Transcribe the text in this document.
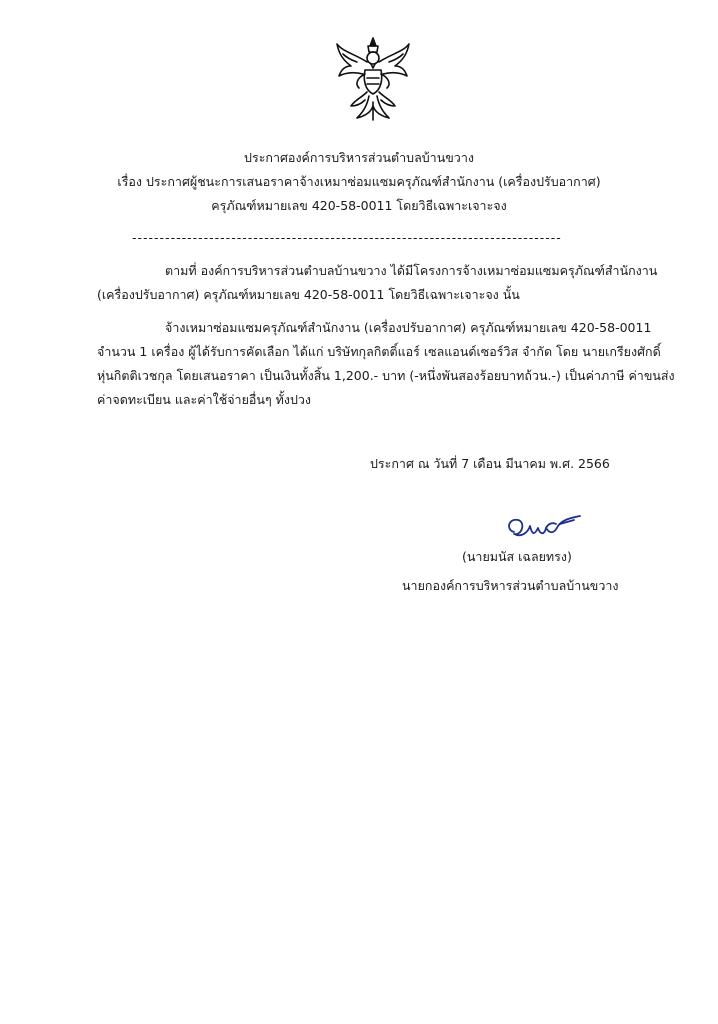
ประกาศองค์การบริหารส่วนตำบลบ้านขวาง
เรื่อง ประกาศผู้ชนะการเสนอราคาจ้างเหมาซ่อมแซมครุภัณฑ์สำนักงาน (เครื่องปรับอากาศ)
ครุภัณฑ์หมายเลข 420-58-0011 โดยวิธีเฉพาะเจาะจง
------------------------------------------------------------------------------
ตามที่ องค์การบริหารส่วนตำบลบ้านขวาง ได้มีโครงการจ้างเหมาซ่อมแซมครุภัณฑ์สำนักงาน
(เครื่องปรับอากาศ) ครุภัณฑ์หมายเลข 420-58-0011 โดยวิธีเฉพาะเจาะจง นั้น
จ้างเหมาซ่อมแซมครุภัณฑ์สำนักงาน (เครื่องปรับอากาศ) ครุภัณฑ์หมายเลข 420-58-0011
จำนวน 1 เครื่อง ผู้ได้รับการคัดเลือก ได้แก่ บริษัทกุลกิตติ์แอร์ เซลแอนด์เซอร์วิส จำกัด โดย นายเกรียงศักดิ์
หุ่นกิตติเวชกุล โดยเสนอราคา เป็นเงินทั้งสิ้น 1,200.- บาท (-หนึ่งพันสองร้อยบาทถ้วน.-) เป็นค่าภาษี ค่าขนส่ง
ค่าจดทะเบียน และค่าใช้จ่ายอื่นๆ ทั้งปวง
ประกาศ ณ วันที่ 7 เดือน มีนาคม พ.ศ. 2566
(นายมนัส เฉลยทรง)
นายกองค์การบริหารส่วนตำบลบ้านขวาง
